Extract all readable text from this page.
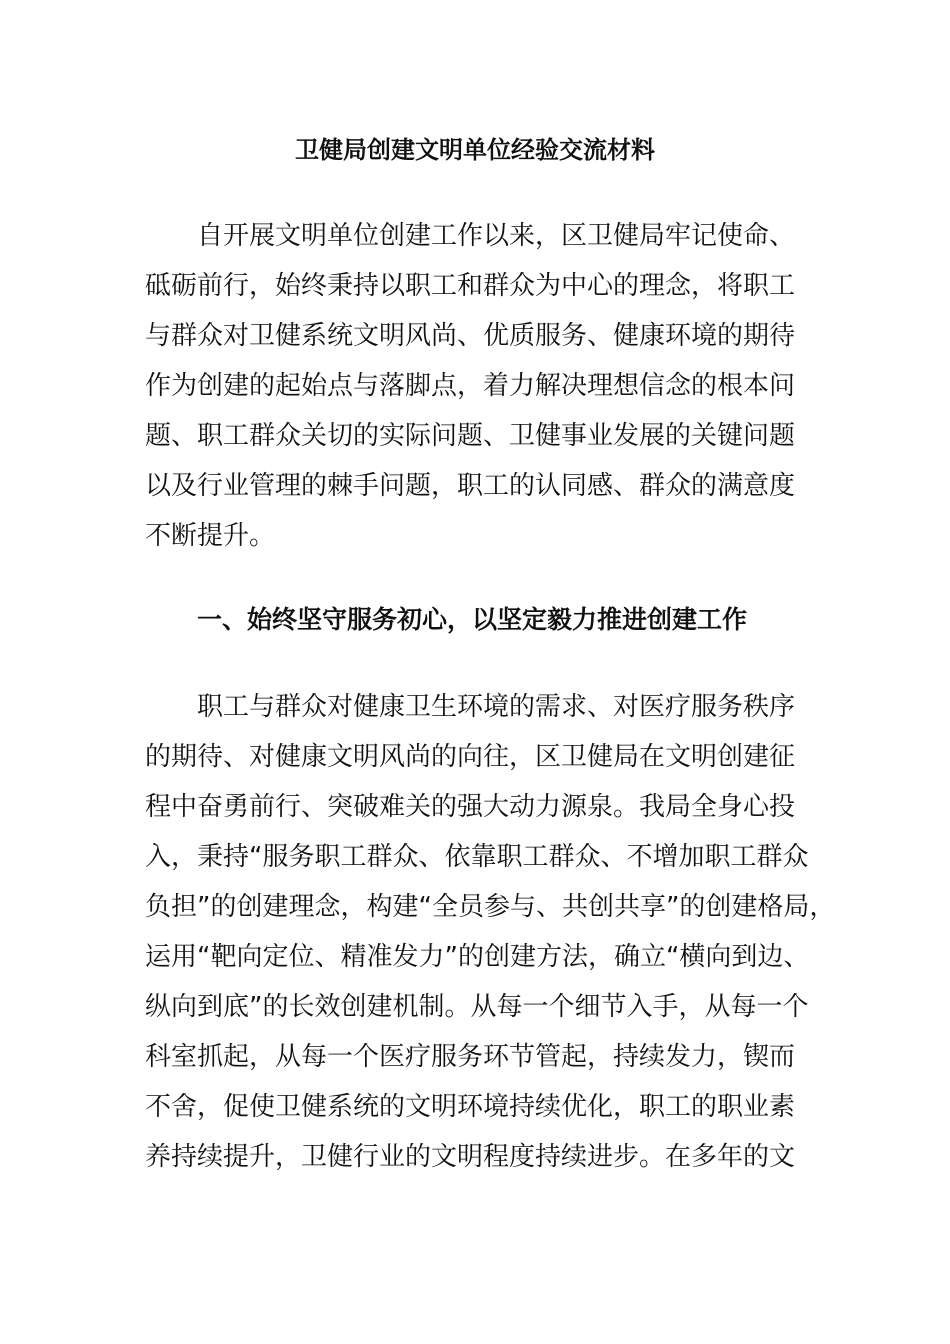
卫健局创建文明单位经验交流材料
自开展文明单位创建工作以来，区卫健局牢记使命、
砥砺前行，始终秉持以职工和群众为中心的理念，将职工
与群众对卫健系统文明风尚、优质服务、健康环境的期待
作为创建的起始点与落脚点，着力解决理想信念的根本问
题、职工群众关切的实际问题、卫健事业发展的关键问题
以及行业管理的棘手问题，职工的认同感、群众的满意度
不断提升。
一、始终坚守服务初心，以坚定毅力推进创建工作
职工与群众对健康卫生环境的需求、对医疗服务秩序
的期待、对健康文明风尚的向往，区卫健局在文明创建征
程中奋勇前行、突破难关的强大动力源泉。我局全身心投
入，秉持“服务职工群众、依靠职工群众、不增加职工群众
负担”的创建理念，构建“全员参与、共创共享”的创建格局，
运用“靶向定位、精准发力”的创建方法，确立“横向到边、
纵向到底”的长效创建机制。从每一个细节入手，从每一个
科室抓起，从每一个医疗服务环节管起，持续发力，锲而
不舍，促使卫健系统的文明环境持续优化，职工的职业素
养持续提升，卫健行业的文明程度持续进步。在多年的文
